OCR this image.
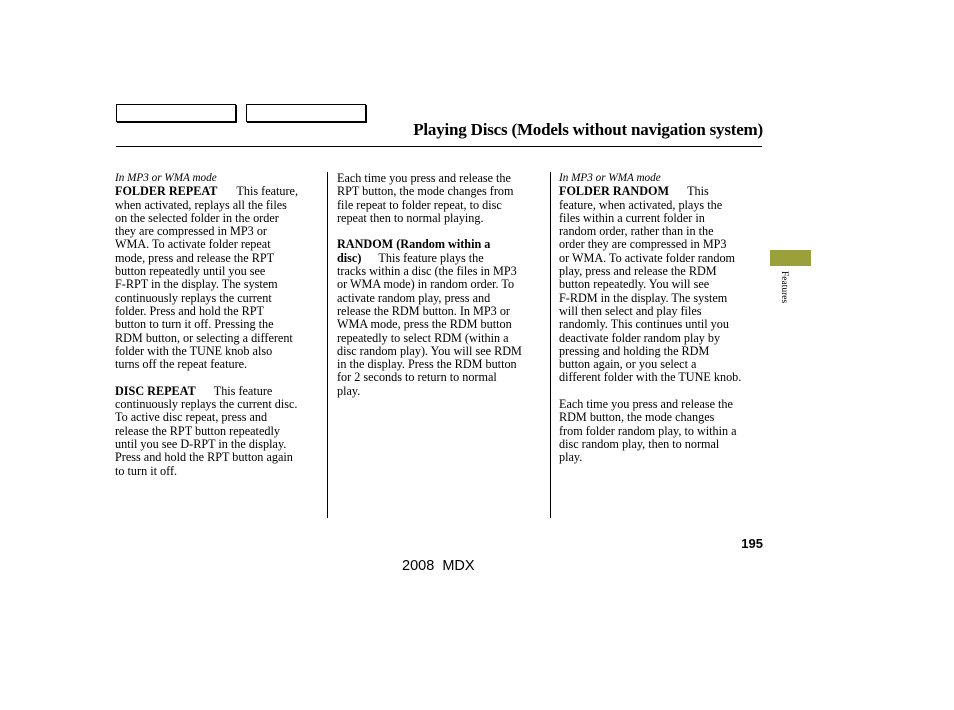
Playing Discs (Models without navigation system)
In MP3 or WMA mode
FOLDER REPEAT This feature,
when activated, replays all the files
on the selected folder in the order
they are compressed in MP3 or
WMA. To activate folder repeat
mode, press and release the RPT
button repeatedly until you see
F-RPT in the display. The system
continuously replays the current
folder. Press and hold the RPT
button to turn it off. Pressing the
RDM button, or selecting a different
folder with the TUNE knob also
turns off the repeat feature.
DISC REPEAT This feature
continuously replays the current disc.
To active disc repeat, press and
release the RPT button repeatedly
until you see D-RPT in the display.
Press and hold the RPT button again
to turn it off.
Each time you press and release the
RPT button, the mode changes from
file repeat to folder repeat, to disc
repeat then to normal playing.
RANDOM (Random within a
disc) This feature plays the
tracks within a disc (the files in MP3
or WMA mode) in random order. To
activate random play, press and
release the RDM button. In MP3 or
WMA mode, press the RDM button
repeatedly to select RDM (within a
disc random play). You will see RDM
in the display. Press the RDM button
for 2 seconds to return to normal
play.
In MP3 or WMA mode
FOLDER RANDOM This
feature, when activated, plays the
files within a current folder in
random order, rather than in the
order they are compressed in MP3
or WMA. To activate folder random
play, press and release the RDM
button repeatedly. You will see
F-RDM in the display. The system
will then select and play files
randomly. This continues until you
deactivate folder random play by
pressing and holding the RDM
button again, or you select a
different folder with the TUNE knob.
Each time you press and release the
RDM button, the mode changes
from folder random play, to within a
disc random play, then to normal
play.
Features
195
2008  MDX
